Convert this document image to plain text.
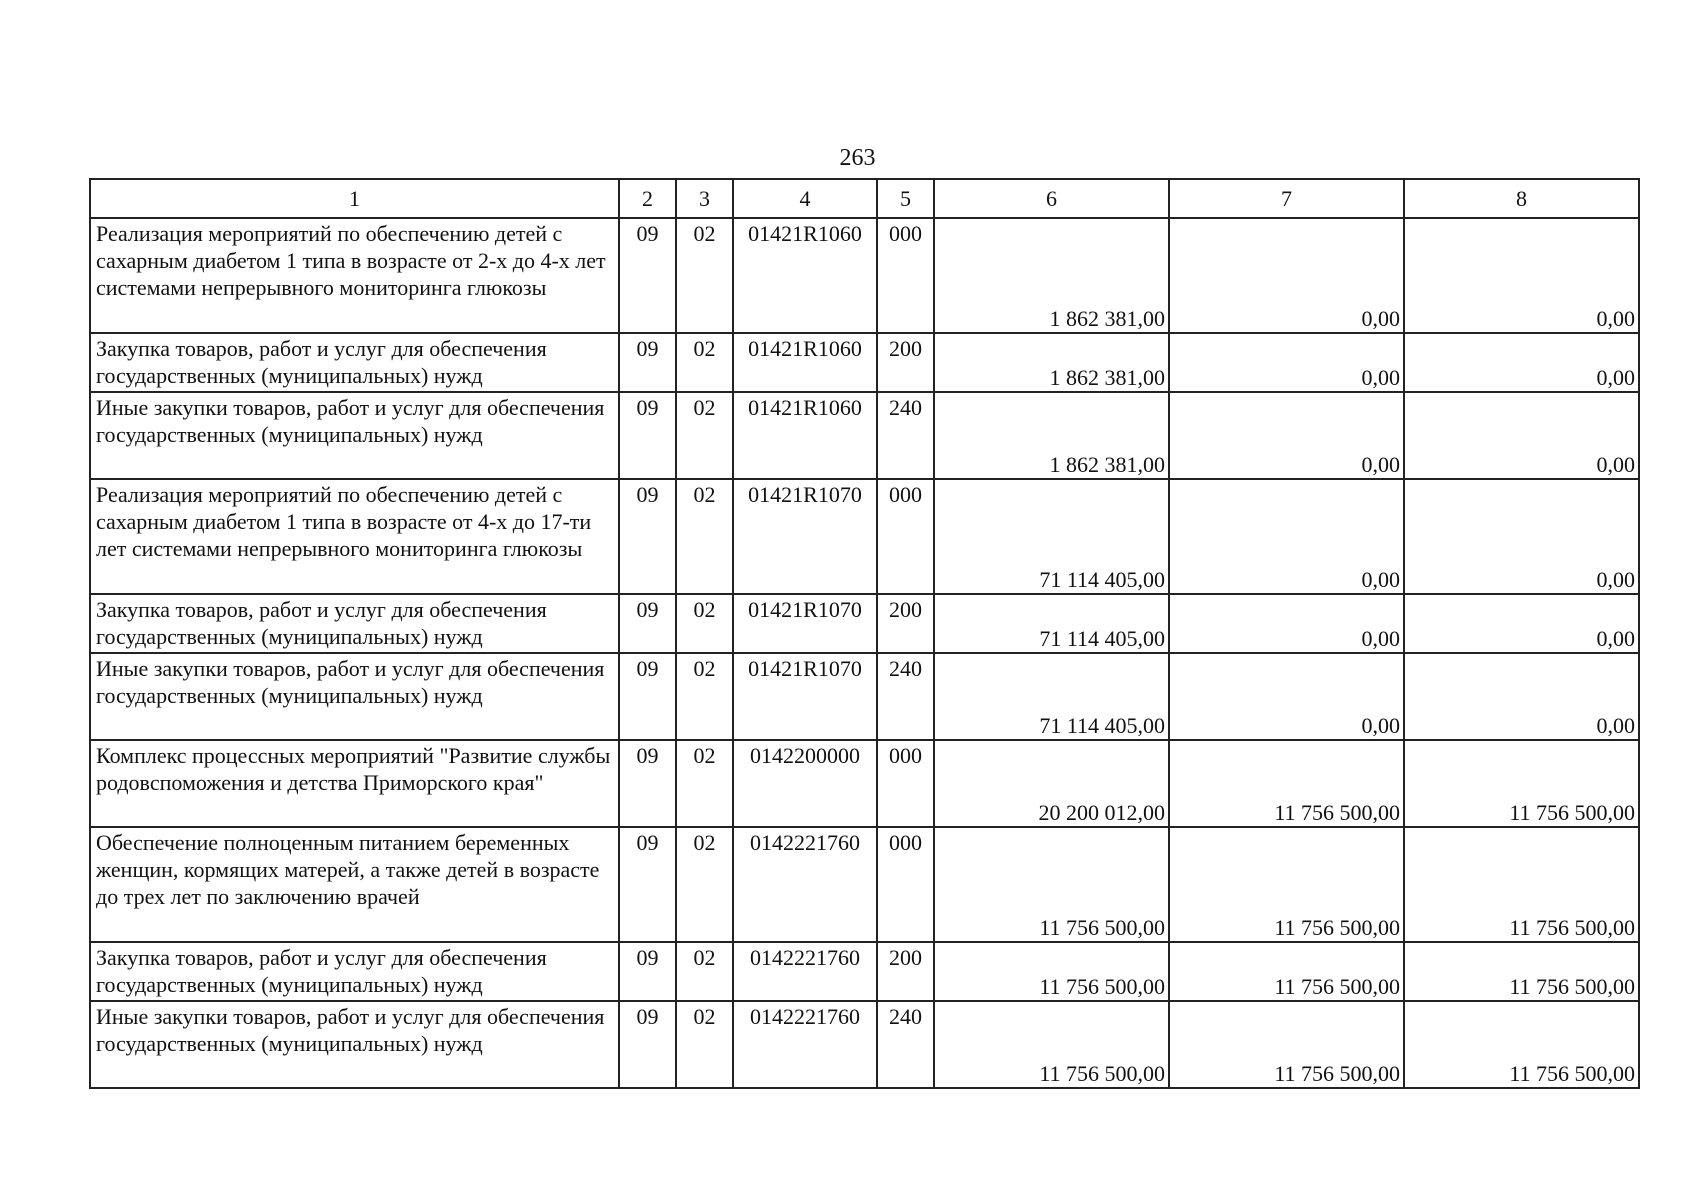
263
1	2	3	4	5	6	7	8
Реализация мероприятий по обеспечению детей с сахарным диабетом 1 типа в возрасте от 2-х до 4-х лет системами непрерывного мониторинга глюкозы	09	02	01421R1060	000	1 862 381,00	0,00	0,00
Закупка товаров, работ и услуг для обеспечения государственных (муниципальных) нужд	09	02	01421R1060	200	1 862 381,00	0,00	0,00
Иные закупки товаров, работ и услуг для обеспечения государственных (муниципальных) нужд	09	02	01421R1060	240	1 862 381,00	0,00	0,00
Реализация мероприятий по обеспечению детей с сахарным диабетом 1 типа в возрасте от 4-х до 17-ти лет системами непрерывного мониторинга глюкозы	09	02	01421R1070	000	71 114 405,00	0,00	0,00
Закупка товаров, работ и услуг для обеспечения государственных (муниципальных) нужд	09	02	01421R1070	200	71 114 405,00	0,00	0,00
Иные закупки товаров, работ и услуг для обеспечения государственных (муниципальных) нужд	09	02	01421R1070	240	71 114 405,00	0,00	0,00
Комплекс процессных мероприятий "Развитие службы родовспоможения и детства Приморского края"	09	02	0142200000	000	20 200 012,00	11 756 500,00	11 756 500,00
Обеспечение полноценным питанием беременных женщин, кормящих матерей, а также детей в возрасте до трех лет по заключению врачей	09	02	0142221760	000	11 756 500,00	11 756 500,00	11 756 500,00
Закупка товаров, работ и услуг для обеспечения государственных (муниципальных) нужд	09	02	0142221760	200	11 756 500,00	11 756 500,00	11 756 500,00
Иные закупки товаров, работ и услуг для обеспечения государственных (муниципальных) нужд	09	02	0142221760	240	11 756 500,00	11 756 500,00	11 756 500,00
